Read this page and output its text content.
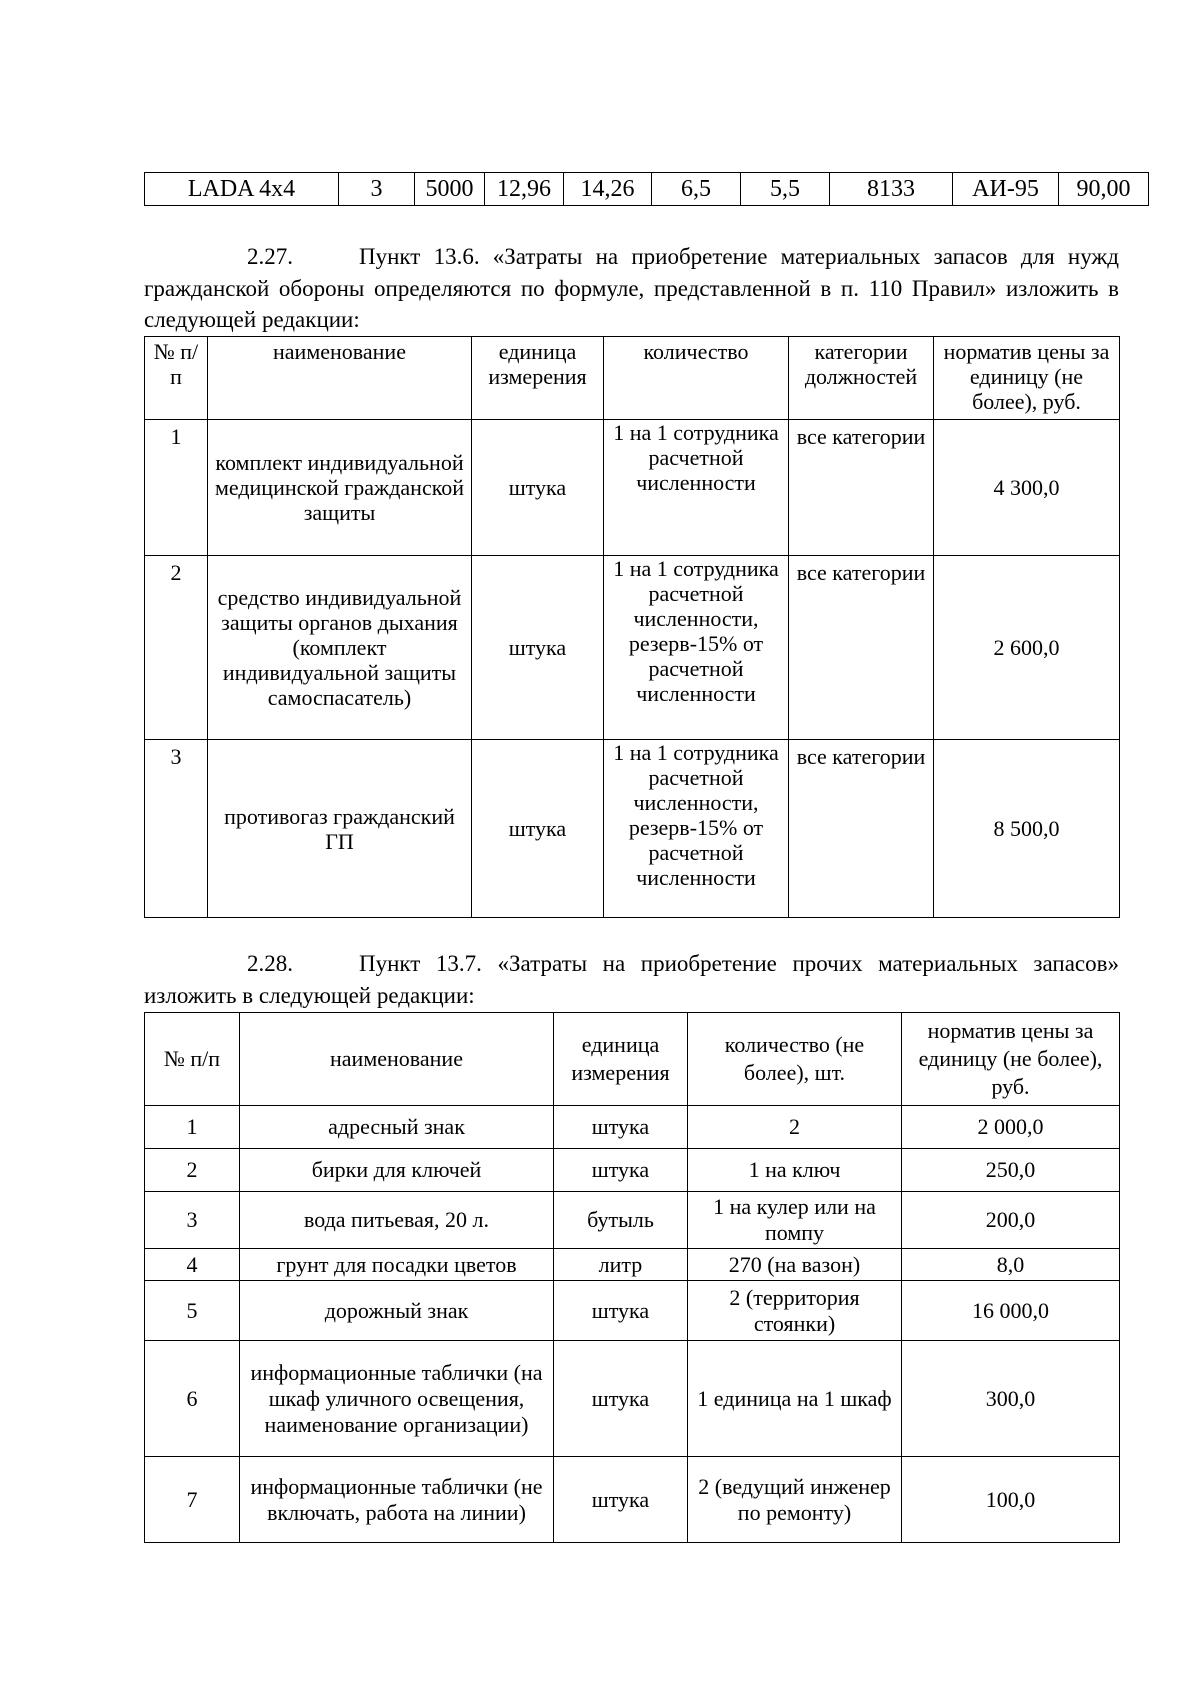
LADA 4x4	3	5000	12,96	14,26	6,5	5,5	8133	АИ-95	90,00

2.27.	Пункт 13.6. «Затраты на приобретение материальных запасов для нужд гражданской обороны определяются по формуле, представленной в п. 110 Правил» изложить в следующей редакции:

№ п/п	наименование	единица измерения	количество	категории должностей	норматив цены за единицу (не более), руб.
1	комплект индивидуальной медицинской гражданской защиты	штука	1 на 1 сотрудника расчетной численности	все категории	4 300,0
2	средство индивидуальной защиты органов дыхания (комплект индивидуальной защиты самоспасатель)	штука	1 на 1 сотрудника расчетной численности, резерв-15% от расчетной численности	все категории	2 600,0
3	противогаз гражданский ГП	штука	1 на 1 сотрудника расчетной численности, резерв-15% от расчетной численности	все категории	8 500,0

2.28.	Пункт 13.7. «Затраты на приобретение прочих материальных запасов» изложить в следующей редакции:

№ п/п	наименование	единица измерения	количество (не более), шт.	норматив цены за единицу (не более), руб.
1	адресный знак	штука	2	2 000,0
2	бирки для ключей	штука	1 на ключ	250,0
3	вода питьевая, 20 л.	бутыль	1 на кулер или на помпу	200,0
4	грунт для посадки цветов	литр	270 (на вазон)	8,0
5	дорожный знак	штука	2 (территория стоянки)	16 000,0
6	информационные таблички (на шкаф уличного освещения, наименование организации)	штука	1 единица на 1 шкаф	300,0
7	информационные таблички (не включать, работа на линии)	штука	2 (ведущий инженер по ремонту)	100,0
